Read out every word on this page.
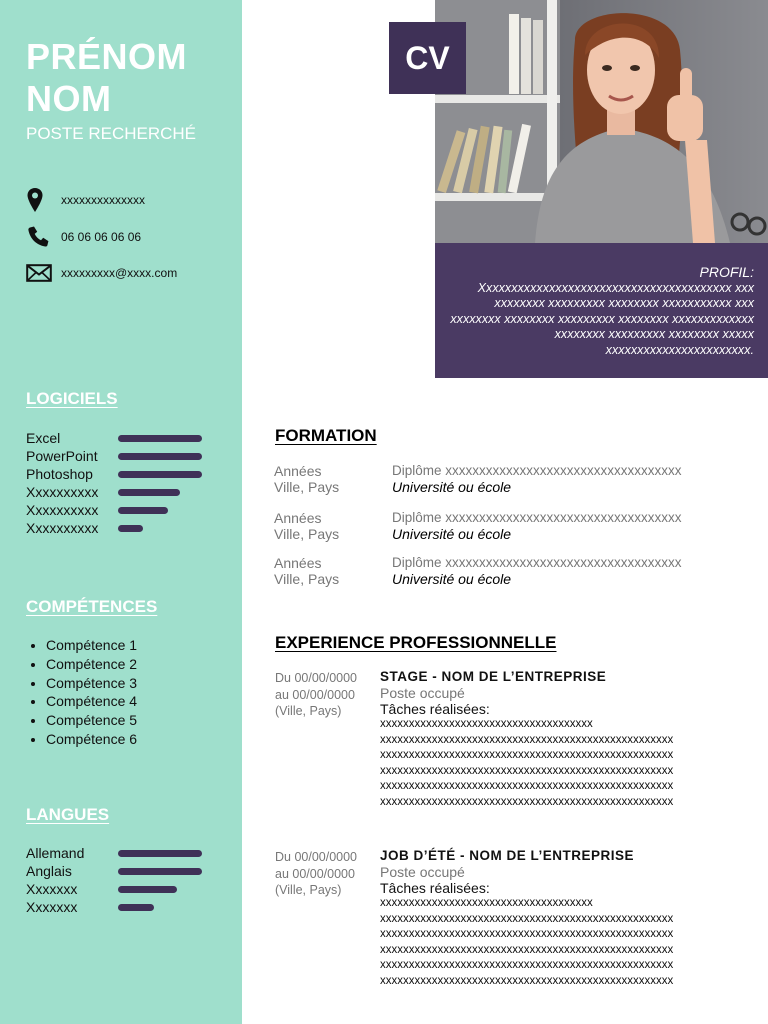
PRÉNOM
NOM
POSTE RECHERCHÉ
xxxxxxxxxxxxxx
06 06 06 06 06
xxxxxxxxx@xxxx.com
LOGICIELS
Excel
PowerPoint
Photoshop
Xxxxxxxxxx
Xxxxxxxxxx
Xxxxxxxxxx
COMPÉTENCES
• Compétence 1
• Compétence 2
• Compétence 3
• Compétence 4
• Compétence 5
• Compétence 6
LANGUES
Allemand
Anglais
Xxxxxxx
Xxxxxxx
CV
PROFIL:
Xxxxxxxxxxxxxxxxxxxxxxxxxxxxxxxxxxxxxxxx xxx xxxxxxxx xxxxxxxxx xxxxxxxx xxxxxxxxxxx xxx xxxxxxxx xxxxxxxx xxxxxxxxx xxxxxxxx xxxxxxxxxxxxx xxxxxxxx xxxxxxxxx xxxxxxxx xxxxx xxxxxxxxxxxxxxxxxxxxxxx.
FORMATION
Années
Ville, Pays
Diplôme xxxxxxxxxxxxxxxxxxxxxxxxxxxxxxxxxxx
Université ou école
Années
Ville, Pays
Diplôme xxxxxxxxxxxxxxxxxxxxxxxxxxxxxxxxxxx
Université ou école
Années
Ville, Pays
Diplôme xxxxxxxxxxxxxxxxxxxxxxxxxxxxxxxxxxx
Université ou école
EXPERIENCE PROFESSIONNELLE
Du 00/00/0000
au 00/00/0000
(Ville, Pays)
STAGE - NOM DE L’ENTREPRISE
Poste occupé
Tâches réalisées:
xxxxxxxxxxxxxxxxxxxxxxxxxxxxxxxxxxxxx
xxxxxxxxxxxxxxxxxxxxxxxxxxxxxxxxxxxxxxxxxxxxxxxxxxx
xxxxxxxxxxxxxxxxxxxxxxxxxxxxxxxxxxxxxxxxxxxxxxxxxxx
xxxxxxxxxxxxxxxxxxxxxxxxxxxxxxxxxxxxxxxxxxxxxxxxxxx
xxxxxxxxxxxxxxxxxxxxxxxxxxxxxxxxxxxxxxxxxxxxxxxxxxx
xxxxxxxxxxxxxxxxxxxxxxxxxxxxxxxxxxxxxxxxxxxxxxxxxxx
Du 00/00/0000
au 00/00/0000
(Ville, Pays)
JOB D’ÉTÉ - NOM DE L’ENTREPRISE
Poste occupé
Tâches réalisées:
xxxxxxxxxxxxxxxxxxxxxxxxxxxxxxxxxxxxx
xxxxxxxxxxxxxxxxxxxxxxxxxxxxxxxxxxxxxxxxxxxxxxxxxxx
xxxxxxxxxxxxxxxxxxxxxxxxxxxxxxxxxxxxxxxxxxxxxxxxxxx
xxxxxxxxxxxxxxxxxxxxxxxxxxxxxxxxxxxxxxxxxxxxxxxxxxx
xxxxxxxxxxxxxxxxxxxxxxxxxxxxxxxxxxxxxxxxxxxxxxxxxxx
xxxxxxxxxxxxxxxxxxxxxxxxxxxxxxxxxxxxxxxxxxxxxxxxxxx
